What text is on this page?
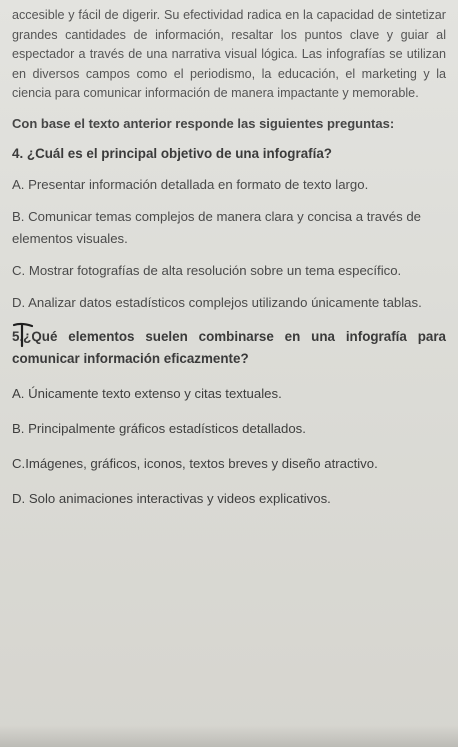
accesible y fácil de digerir. Su efectividad radica en la capacidad de sintetizar grandes cantidades de información, resaltar los puntos clave y guiar al espectador a través de una narrativa visual lógica. Las infografías se utilizan en diversos campos como el periodismo, la educación, el marketing y la ciencia para comunicar información de manera impactante y memorable.

Con base el texto anterior responde las siguientes preguntas:

4. ¿Cuál es el principal objetivo de una infografía?
A. Presentar información detallada en formato de texto largo.
B. Comunicar temas complejos de manera clara y concisa a través de elementos visuales.
C. Mostrar fotografías de alta resolución sobre un tema específico.
D. Analizar datos estadísticos complejos utilizando únicamente tablas.
5.¿Qué elementos suelen combinarse en una infografía para comunicar información eficazmente?
A. Únicamente texto extenso y citas textuales.
B. Principalmente gráficos estadísticos detallados.
C.Imágenes, gráficos, iconos, textos breves y diseño atractivo.
D. Solo animaciones interactivas y videos explicativos.
